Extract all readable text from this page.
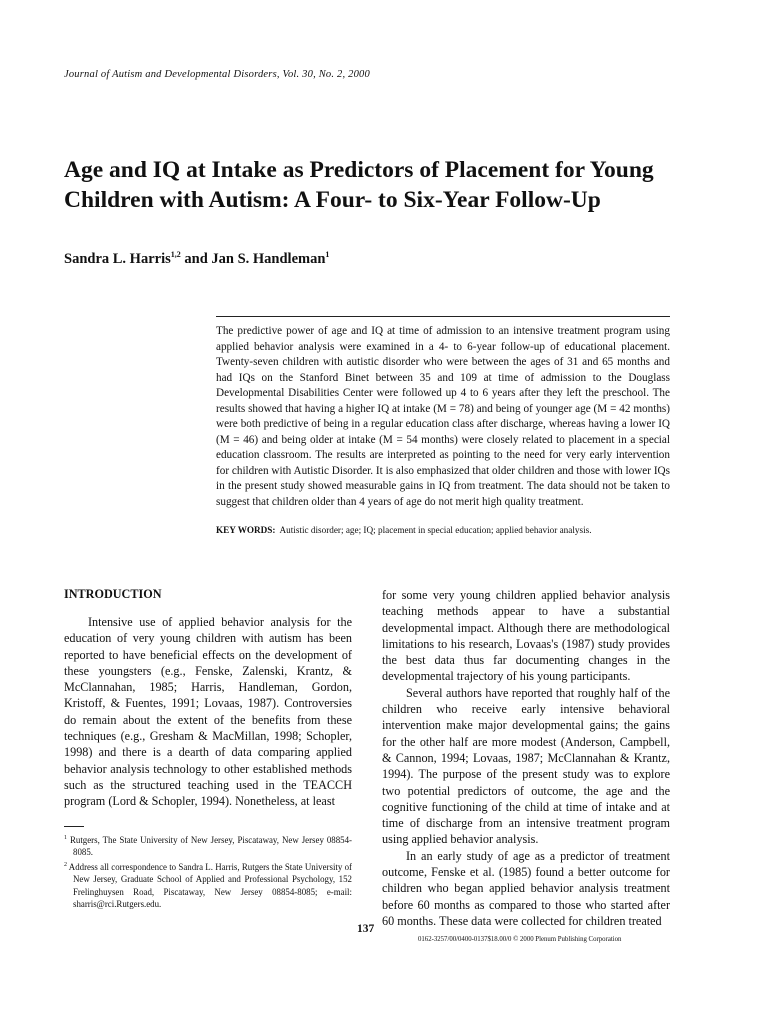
Journal of Autism and Developmental Disorders, Vol. 30, No. 2, 2000
Age and IQ at Intake as Predictors of Placement for Young Children with Autism: A Four- to Six-Year Follow-Up
Sandra L. Harris$^{1,2}$ and Jan S. Handleman$^1$
The predictive power of age and IQ at time of admission to an intensive treatment program using applied behavior analysis were examined in a 4- to 6-year follow-up of educational placement. Twenty-seven children with autistic disorder who were between the ages of 31 and 65 months and had IQs on the Stanford Binet between 35 and 109 at time of admission to the Douglass Developmental Disabilities Center were followed up 4 to 6 years after they left the preschool. The results showed that having a higher IQ at intake (M = 78) and being of younger age (M = 42 months) were both predictive of being in a regular education class after discharge, whereas having a lower IQ (M = 46) and being older at intake (M = 54 months) were closely related to placement in a special education classroom. The results are interpreted as pointing to the need for very early intervention for children with Autistic Disorder. It is also emphasized that older children and those with lower IQs in the present study showed measurable gains in IQ from treatment. The data should not be taken to suggest that children older than 4 years of age do not merit high quality treatment.
KEY WORDS: Autistic disorder; age; IQ; placement in special education; applied behavior analysis.
INTRODUCTION

Intensive use of applied behavior analysis for the education of very young children with autism has been reported to have beneficial effects on the development of these youngsters (e.g., Fenske, Zalenski, Krantz, & McClannahan, 1985; Harris, Handleman, Gordon, Kristoff, & Fuentes, 1991; Lovaas, 1987). Controversies do remain about the extent of the benefits from these techniques (e.g., Gresham & MacMillan, 1998; Schopler, 1998) and there is a dearth of data comparing applied behavior analysis technology to other established methods such as the structured teaching used in the TEACCH program (Lord & Schopler, 1994). Nonetheless, at least

for some very young children applied behavior analysis teaching methods appear to have a substantial developmental impact. Although there are methodological limitations to his research, Lovaas's (1987) study provides the best data thus far documenting changes in the developmental trajectory of his young participants.

Several authors have reported that roughly half of the children who receive early intensive behavioral intervention make major developmental gains; the gains for the other half are more modest (Anderson, Campbell, & Cannon, 1994; Lovaas, 1987; McClannahan & Krantz, 1994). The purpose of the present study was to explore two potential predictors of outcome, the age and the cognitive functioning of the child at time of intake and at time of discharge from an intensive treatment program using applied behavior analysis.

In an early study of age as a predictor of treatment outcome, Fenske et al. (1985) found a better outcome for children who began applied behavior analysis treatment before 60 months as compared to those who started after 60 months. These data were collected for children treated

$^1$ Rutgers, The State University of New Jersey, Piscataway, New Jersey 08854-8085.
$^2$ Address all correspondence to Sandra L. Harris, Rutgers the State University of New Jersey, Graduate School of Applied and Professional Psychology, 152 Frelinghuysen Road, Piscataway, New Jersey 08854-8085; e-mail: sharris@rci.Rutgers.edu.
137
0162-3257/00/0400-0137$18.00/0 © 2000 Plenum Publishing Corporation
